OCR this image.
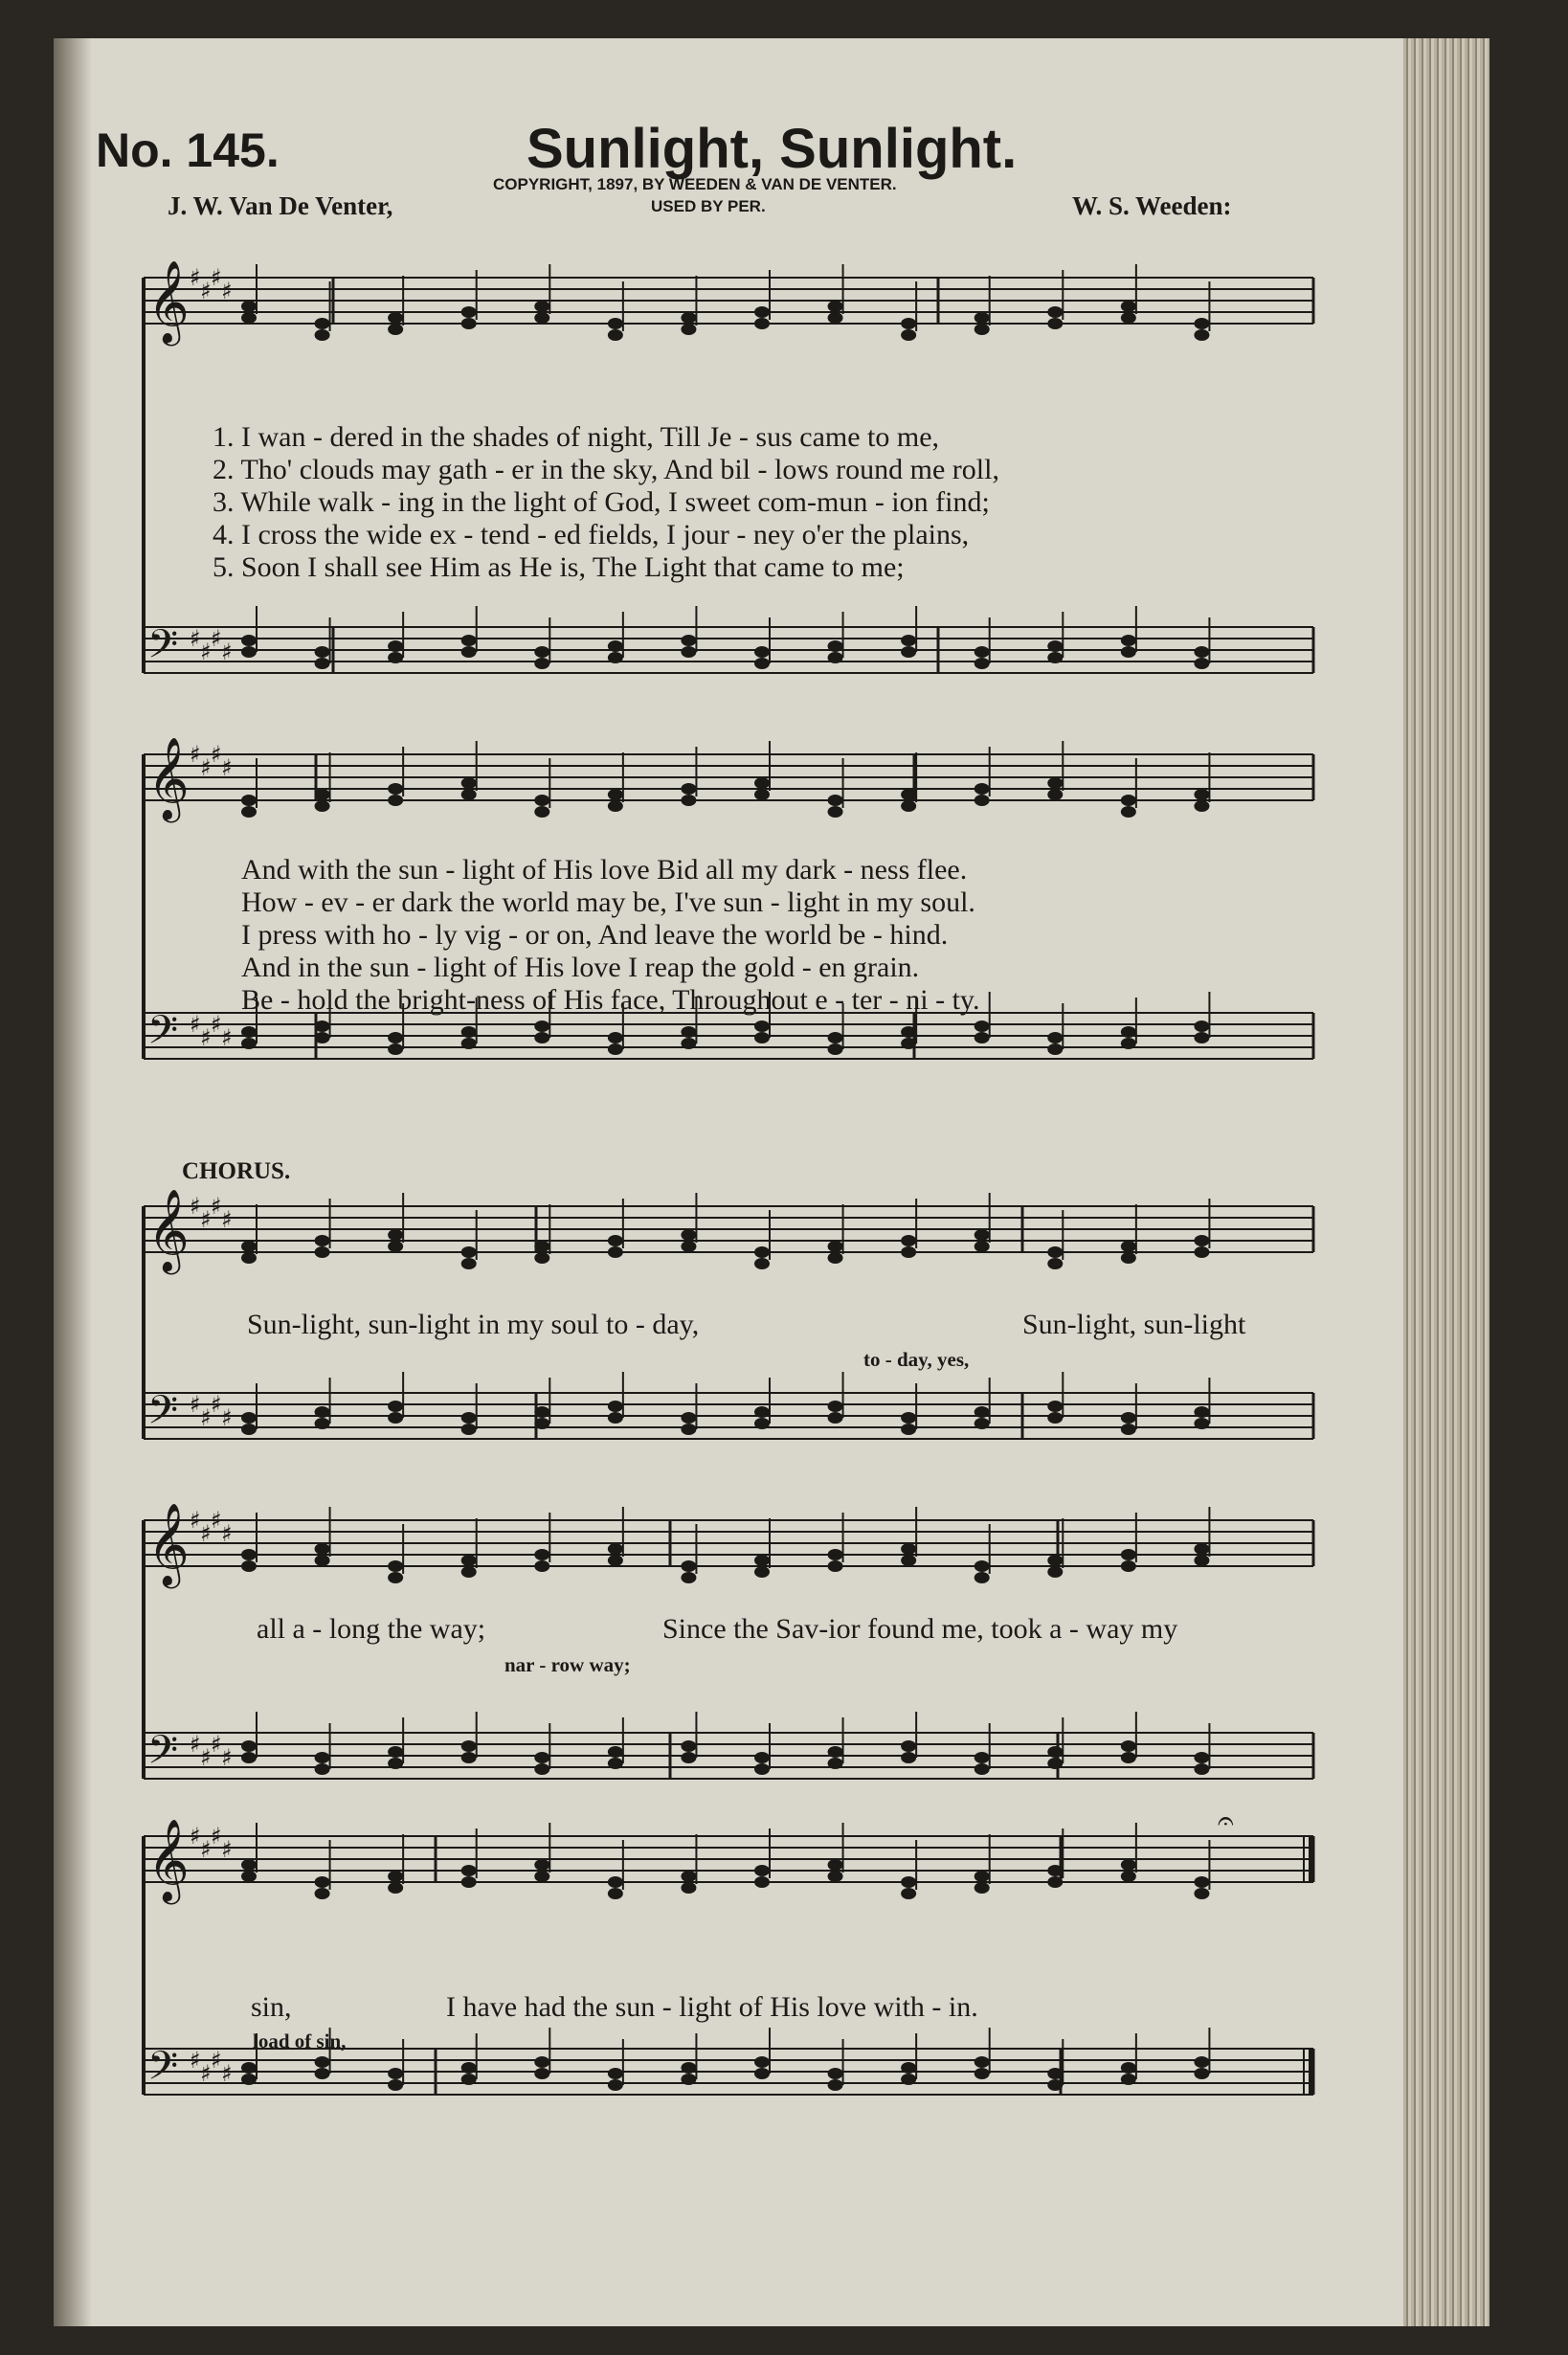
No. 145.	Sunlight, Sunlight.
COPYRIGHT, 1897, BY WEEDEN & VAN DE VENTER.
USED BY PER.
J. W. Van De Venter,	W. S. Weeden:
𝄞 ♯ ♯ ♯ ♯
𝄢 ♯ ♯ ♯ ♯
𝄞 ♯ ♯ ♯ ♯
𝄢 ♯ ♯ ♯ ♯
𝄞 ♯ ♯ ♯ ♯
𝄢 ♯ ♯ ♯ ♯
𝄞 ♯ ♯ ♯ ♯
𝄢 ♯ ♯ ♯ ♯
𝄞 ♯ ♯ ♯ ♯
𝄢 ♯ ♯ ♯ ♯
𝄐
1. I wan - dered in the shades of night, Till Je - sus came to me,
2. Tho' clouds may gath - er in the sky, And bil - lows round me roll,
3. While walk - ing in the light of God, I sweet com-mun - ion find;
4. I cross the wide ex - tend - ed fields, I jour - ney o'er the plains,
5. Soon I shall see Him as He is, The Light that came to me;
And with the sun - light of His love Bid all my dark - ness flee.
How - ev - er dark the world may be, I've sun - light in my soul.
I press with ho - ly vig - or on, And leave the world be - hind.
And in the sun - light of His love I reap the gold - en grain.
Be - hold the bright-ness of His face, Throughout e - ter - ni - ty.
CHORUS.
Sun-light, sun-light in my soul to - day,	Sun-light, sun-light
to - day, yes,
all a - long the way;	Since the Sav-ior found me, took a - way my
nar - row way;
sin,	I have had the sun - light of His love with - in.
load of sin,
